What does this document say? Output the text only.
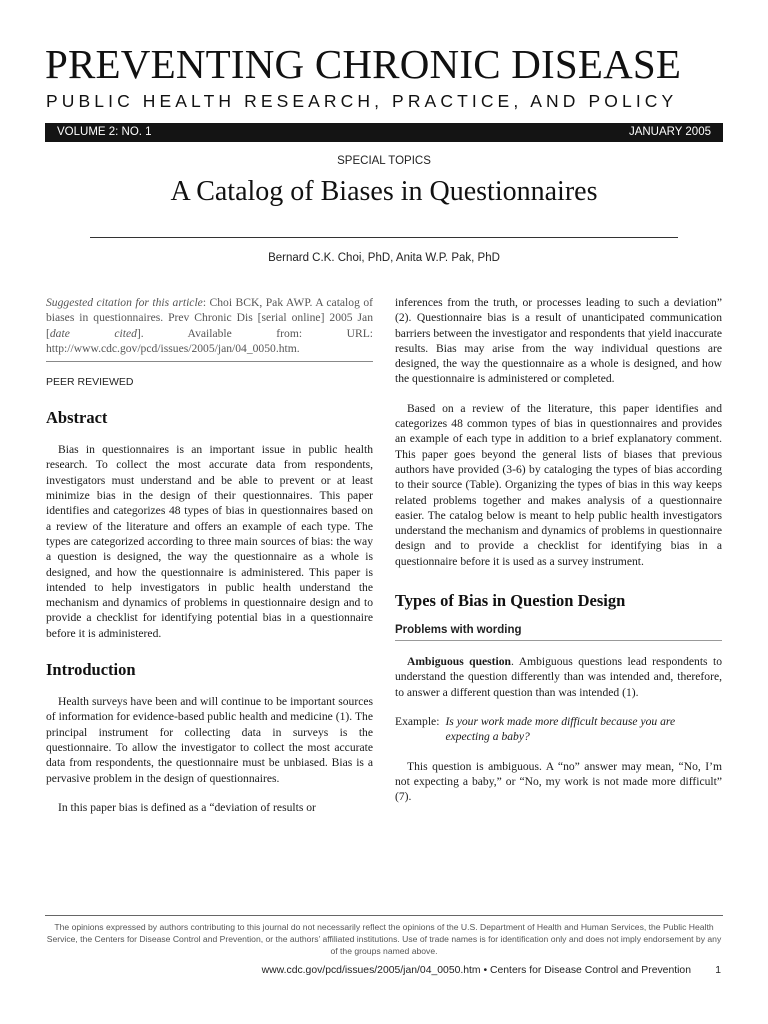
PREVENTING CHRONIC DISEASE
PUBLIC HEALTH RESEARCH, PRACTICE, AND POLICY
VOLUME 2: NO. 1	JANUARY 2005
SPECIAL TOPICS
A Catalog of Biases in Questionnaires
Bernard C.K. Choi, PhD, Anita W.P. Pak, PhD

Suggested citation for this article: Choi BCK, Pak AWP. A catalog of biases in questionnaires. Prev Chronic Dis [serial online] 2005 Jan [date cited]. Available from: URL: http://www.cdc.gov/pcd/issues/2005/jan/04_0050.htm.

PEER REVIEWED
Abstract

Bias in questionnaires is an important issue in public health research. To collect the most accurate data from respondents, investigators must understand and be able to prevent or at least minimize bias in the design of their questionnaires. This paper identifies and categorizes 48 types of bias in questionnaires based on a review of the literature and offers an example of each type. The types are categorized according to three main sources of bias: the way a question is designed, the way the questionnaire as a whole is designed, and how the questionnaire is administered. This paper is intended to help investigators in public health understand the mechanism and dynamics of problems in questionnaire design and to provide a checklist for identifying potential bias in a questionnaire before it is administered.

Introduction

Health surveys have been and will continue to be important sources of information for evidence-based public health and medicine (1). The principal instrument for collecting data in surveys is the questionnaire. To allow the investigator to collect the most accurate data from respondents, the questionnaire must be unbiased. Bias is a pervasive problem in the design of questionnaires.

In this paper bias is defined as a “deviation of results or

inferences from the truth, or processes leading to such a deviation” (2). Questionnaire bias is a result of unanticipated communication barriers between the investigator and respondents that yield inaccurate results. Bias may arise from the way individual questions are designed, the way the questionnaire as a whole is designed, and how the questionnaire is administered or completed.

Based on a review of the literature, this paper identifies and categorizes 48 common types of bias in questionnaires and provides an example of each type in addition to a brief explanatory comment. This paper goes beyond the general lists of biases that previous authors have provided (3-6) by cataloging the types of bias according to their source (Table). Organizing the types of bias in this way keeps related problems together and makes analysis of a questionnaire easier. The catalog below is meant to help public health investigators understand the mechanism and dynamics of problems in questionnaire design and to provide a checklist for identifying bias in a questionnaire before it is used as a survey instrument.

Types of Bias in Question Design
Problems with wording

Ambiguous question. Ambiguous questions lead respondents to understand the question differently than was intended and, therefore, to answer a different question than was intended (1).

Example: Is your work made more difficult because you are expecting a baby?

This question is ambiguous. A “no” answer may mean, “No, I’m not expecting a baby,” or “No, my work is not made more difficult” (7).

The opinions expressed by authors contributing to this journal do not necessarily reflect the opinions of the U.S. Department of Health and Human Services, the Public Health Service, the Centers for Disease Control and Prevention, or the authors’ affiliated institutions. Use of trade names is for identification only and does not imply endorsement by any of the groups named above.
www.cdc.gov/pcd/issues/2005/jan/04_0050.htm • Centers for Disease Control and Prevention 1
